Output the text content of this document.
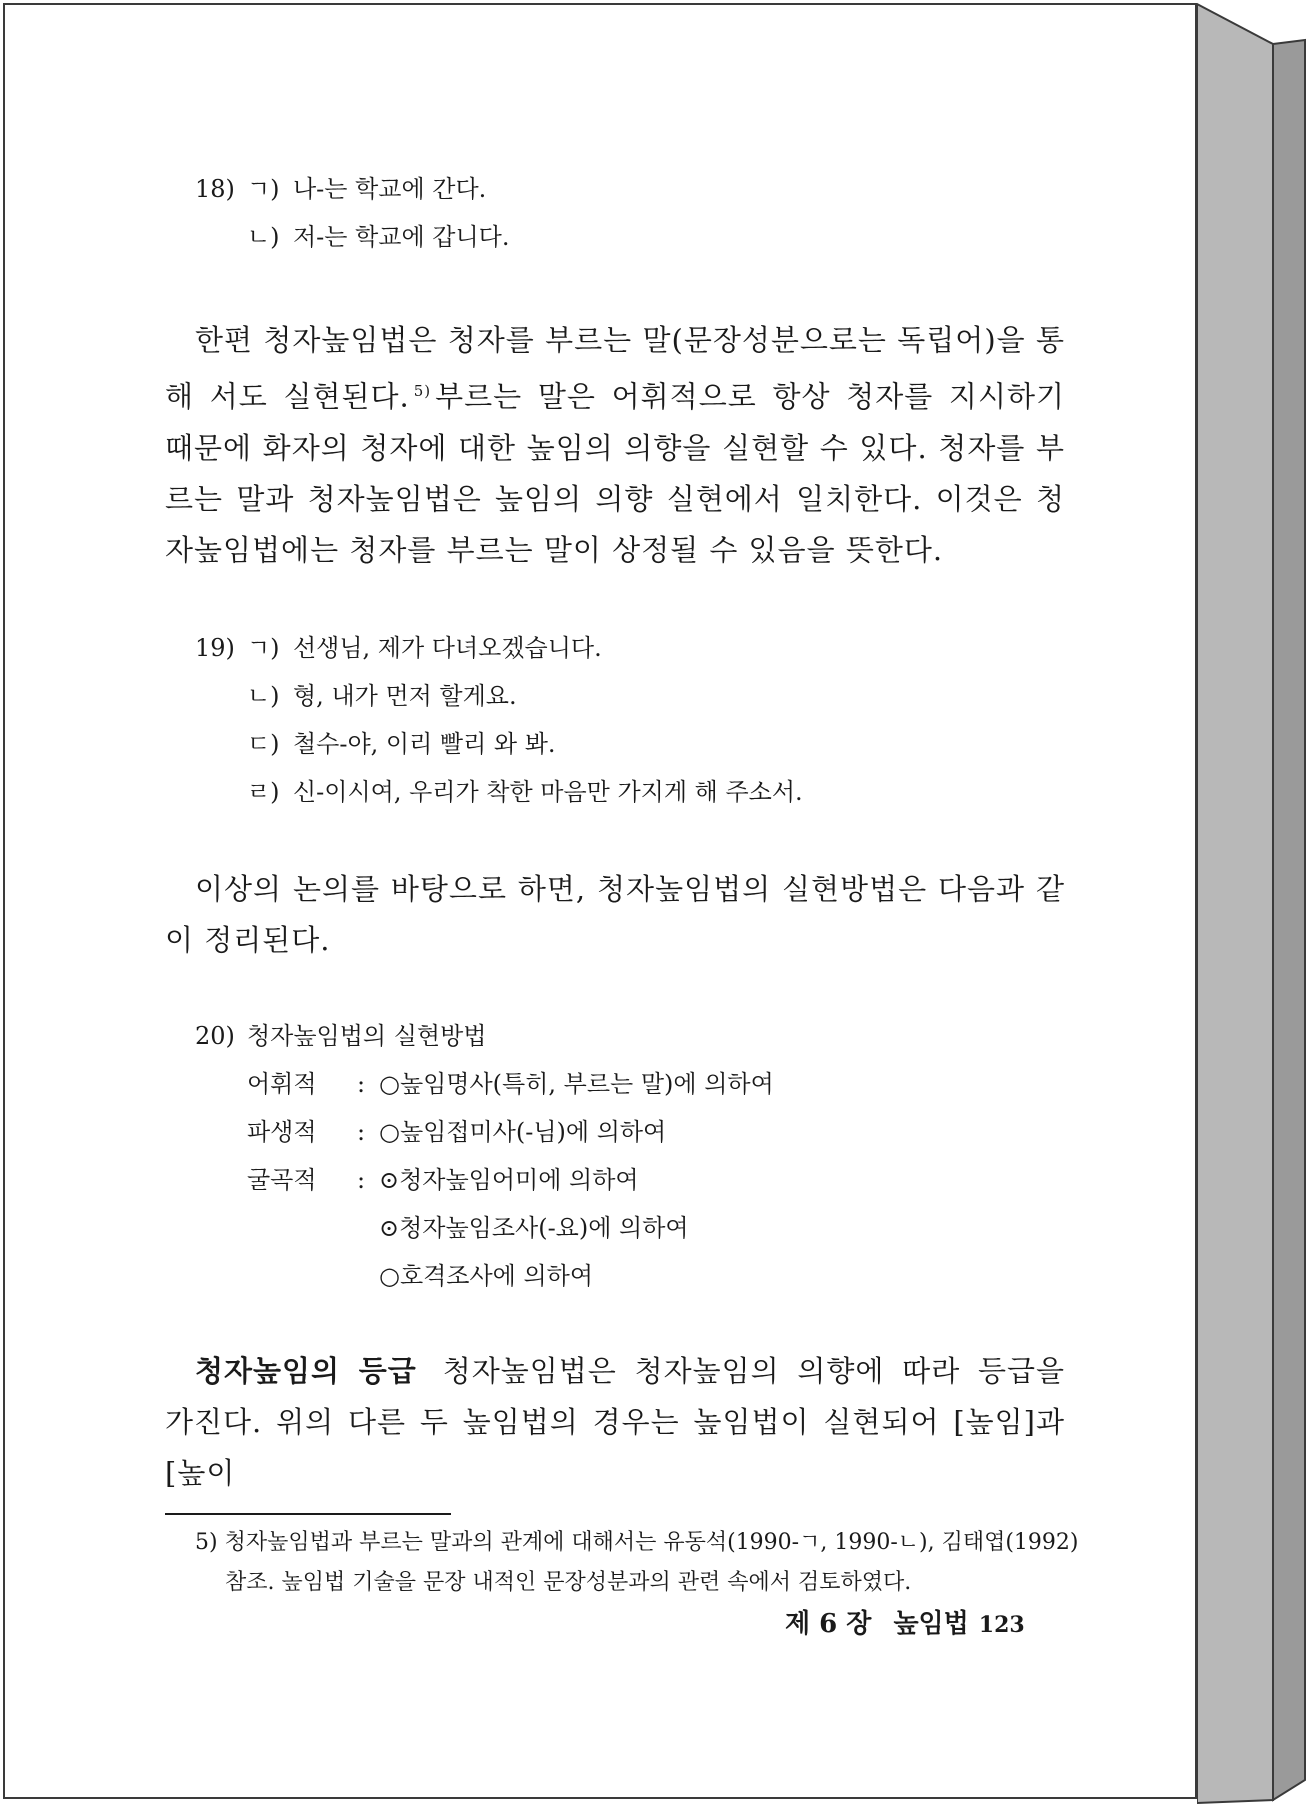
18) ㄱ) 나-는 학교에 간다.
ㄴ) 저-는 학교에 갑니다.

한편 청자높임법은 청자를 부르는 말(문장성분으로는 독립어)을 통해 서도 실현된다. $^{5)}$ 부르는 말은 어휘적으로 항상 청자를 지시하기 때문에 화자의 청자에 대한 높임의 의향을 실현할 수 있다. 청자를 부르는 말과 청자높임법은 높임의 의향 실현에서 일치한다. 이것은 청자높임법에는 청자를 부르는 말이 상정될 수 있음을 뜻한다.

19) ㄱ) 선생님, 제가 다녀오겠습니다.
ㄴ) 형, 내가 먼저 할게요.
ㄷ) 철수-야, 이리 빨리 와 봐.
ㄹ) 신-이시여, 우리가 착한 마음만 가지게 해 주소서.

이상의 논의를 바탕으로 하면, 청자높임법의 실현방법은 다음과 같이 정리된다.

20) 청자높임법의 실현방법
어휘적	: ○높임명사(특히, 부르는 말)에 의하여
파생적	: ○높임접미사(-님)에 의하여
굴곡적	: ⊙청자높임어미에 의하여
⊙청자높임조사(-요)에 의하여
○호격조사에 의하여

청자높임의 등급 청자높임법은 청자높임의 의향에 따라 등급을 가진다. 위의 다른 두 높임법의 경우는 높임법이 실현되어 [높임]과 [높이

5) 청자높임법과 부르는 말과의 관계에 대해서는 유동석(1990-ㄱ, 1990-ㄴ), 김태엽(1992) 참조. 높임법 기술을 문장 내적인 문장성분과의 관련 속에서 검토하였다.

제 6 장 높임법 123
